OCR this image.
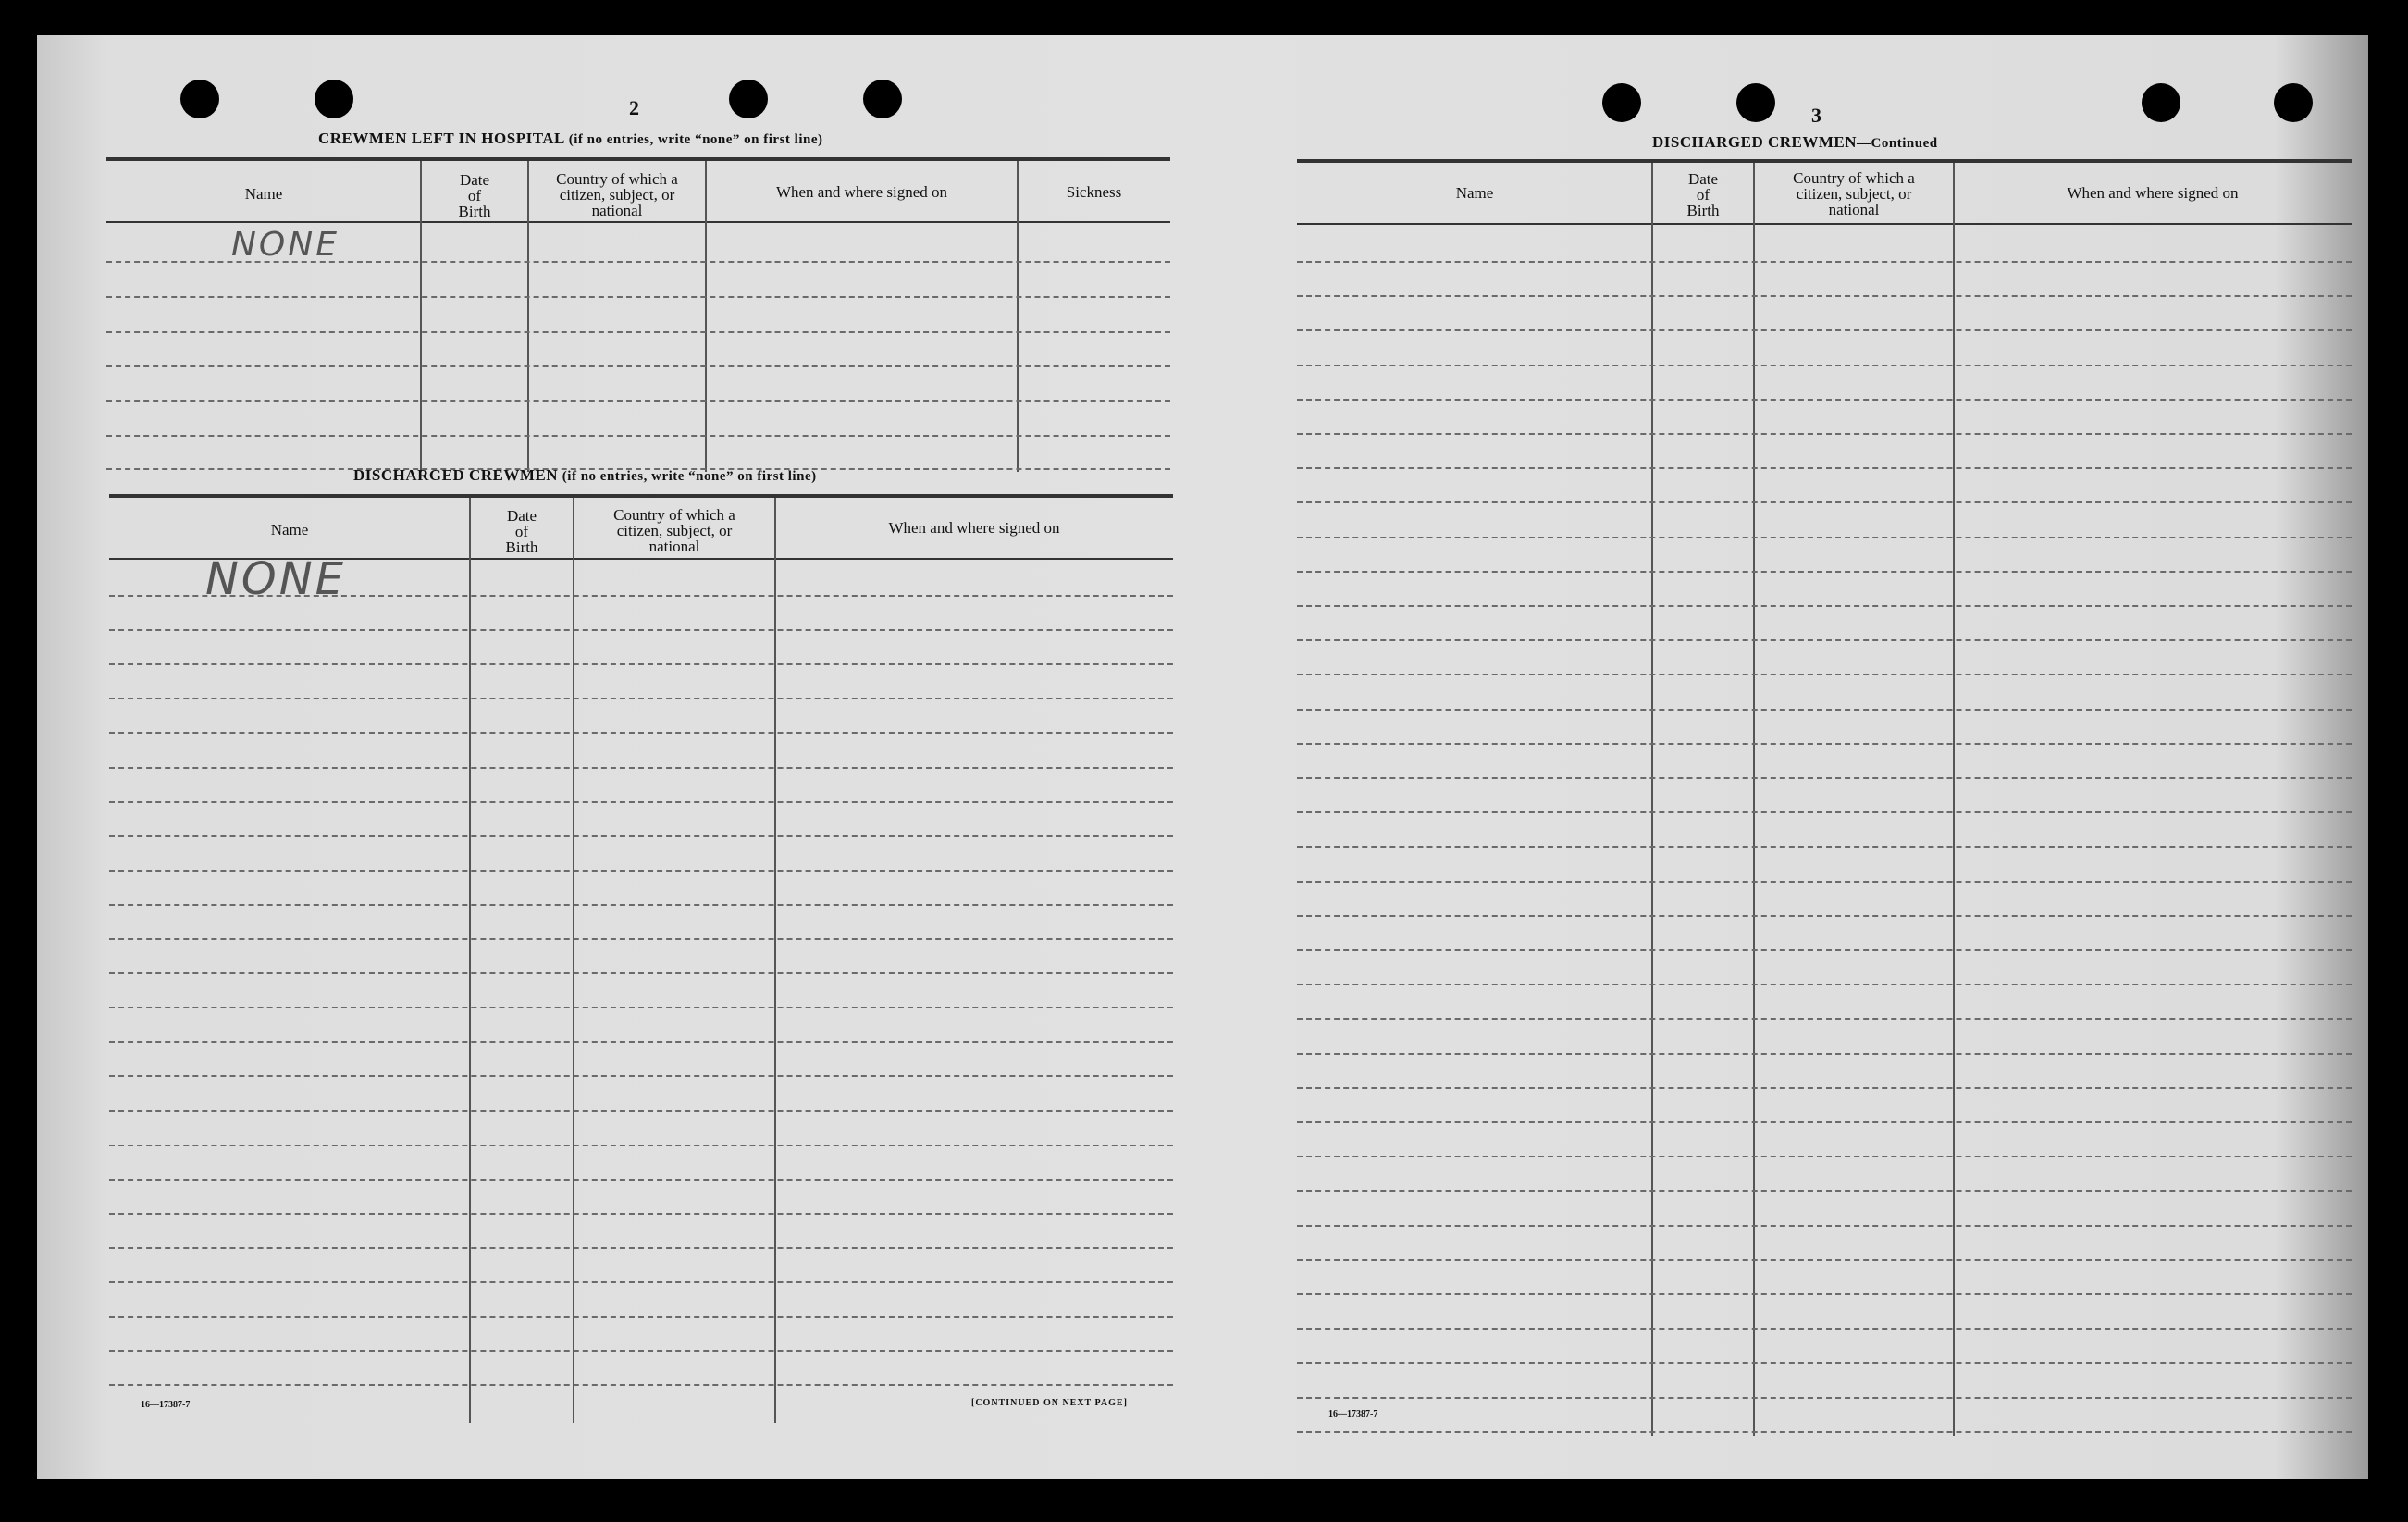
2
CREWMEN LEFT IN HOSPITAL (if no entries, write “none” on first line)
Name
Date
of
Birth
Country of which a
citizen, subject, or
national
When and where signed on	Sickness
NONE
DISCHARGED CREWMEN (if no entries, write “none” on first line)
Name
Date
of
Birth
Country of which a
citizen, subject, or
national
When and where signed on
NONE
16—17387-7	[CONTINUED ON NEXT PAGE]
3
DISCHARGED CREWMEN—Continued
Name
Date
of
Birth
Country of which a
citizen, subject, or
national
When and where signed on
16—17387-7
